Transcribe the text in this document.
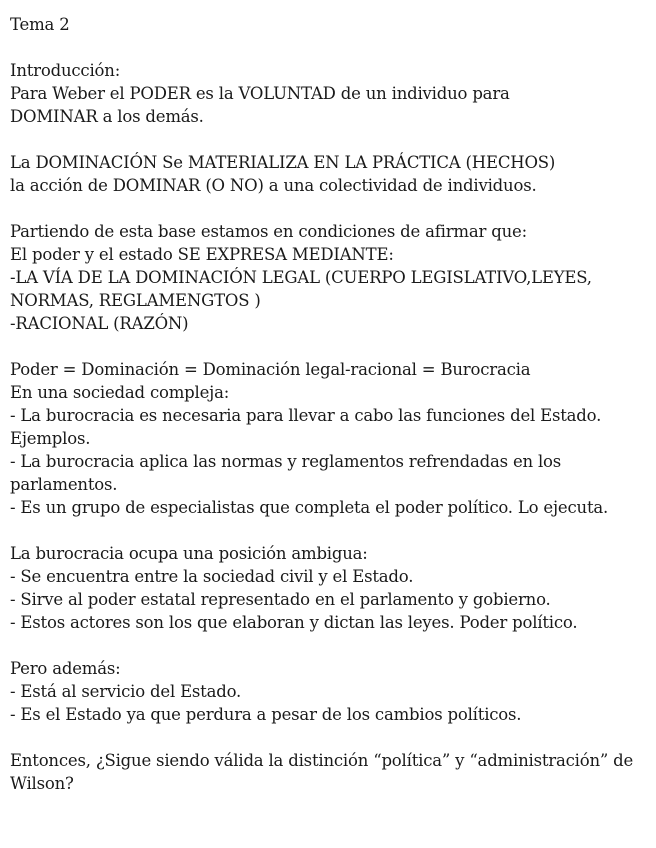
Tema 2
Introducción:
Para Weber el PODER es la VOLUNTAD de un individuo para
DOMINAR a los demás.
La DOMINACIÓN Se MATERIALIZA EN LA PRÁCTICA (HECHOS)
la acción de DOMINAR (O NO) a una colectividad de individuos.
Partiendo de esta base estamos en condiciones de afirmar que:
El poder y el estado SE EXPRESA MEDIANTE:
-LA VÍA DE LA DOMINACIÓN LEGAL (CUERPO LEGISLATIVO,LEYES,
NORMAS, REGLAMENGTOS )
-RACIONAL (RAZÓN)
Poder = Dominación = Dominación legal-racional = Burocracia
En una sociedad compleja:
- La burocracia es necesaria para llevar a cabo las funciones del Estado.
Ejemplos.
- La burocracia aplica las normas y reglamentos refrendadas en los
parlamentos.
- Es un grupo de especialistas que completa el poder político. Lo ejecuta.
La burocracia ocupa una posición ambigua:
- Se encuentra entre la sociedad civil y el Estado.
- Sirve al poder estatal representado en el parlamento y gobierno.
- Estos actores son los que elaboran y dictan las leyes. Poder político.
Pero además:
- Está al servicio del Estado.
- Es el Estado ya que perdura a pesar de los cambios políticos.
Entonces, ¿Sigue siendo válida la distinción “política” y “administración” de
Wilson?
